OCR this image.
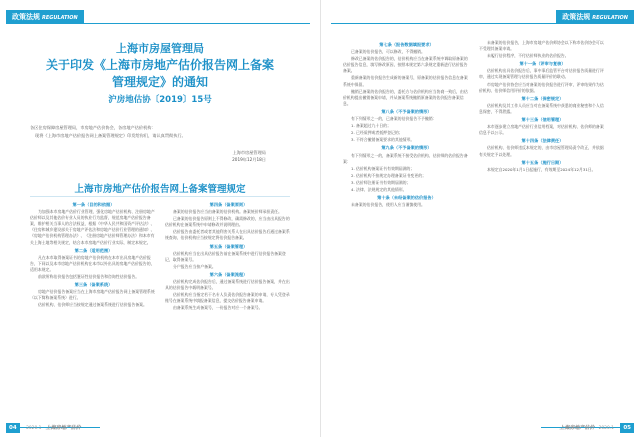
政策法规 REGULATION
上海市房屋管理局
关于印发《上海市房地产估价报告网上备案
管理规定》的通知
沪房地估协〔2019〕15号
各区住房保障房屋管理局，市房地产估价协会，各房地产估价机构：
现将《上海市房地产估价报告网上备案管理规定》印发给你们，请认真贯彻执行。
上海市房屋管理局
2019年12月18日
上海市房地产估价报告网上备案管理规定
第一条（目的和依据）

为加强本市房地产估价行业管理，强化房地产估价机构、注册房地产估价师以及其他估价专业人员的执业行为监督，规范房地产估价报告备案，维护相关当事人的合法权益，根据《中华人民共和国资产评估法》、《住房和城乡建设部关于房地产评估法和房地产估价行业管理的通知》、《房地产估价机构管理办法》、《注册房地产估价师管理办法》和本市有关上海土地等相关规定，结合本市房地产估价行业实际，制定本规定。

第二条（适用范围）

凡在本市取得备案证书的房地产估价机构在本市出具房地产估价报告，下同以及本市房地产估价机构在本市以外出具的房地产估价报告的，适用本规定。

前款所称估价报告包括鉴证性估价报告和咨询性估价报告。

第三条（备案系统）

房地产估价报告备案应当在上海市房地产估价报告网上备案管理系统（以下简称备案系统）进行。

估价机构、估价师应当按规定通过备案系统进行估价报告备案。

第四条（备案原则）

备案的估价报告应当由备案的估价机构。备案统价师承担责任。

已备案的估价报告原则上不得修改，确需修改的，应当由出具报告的估价机构在备案系统中申请修改并说明理由。

估价报告由委托者或者其他利害关系人在出具估价报告后通过备案系统查询，估价机构应当按规定将估价报告备案。

第五条（备案管理）

估价机构应当在出具估价报告前在备案系统中进行估价报告备案登记，取得备案号。

分户报告应当按户备案。

第六条（备案流程）

估价机构完成估价报告后，通过备案系统进行估价报告备案，并在出具的估价报告中载明备案号。

估价机构应当指定若干名专人负责估价报告备案的申请，专人凭登录账号在备案系统中填报备案信息，提交估价报告备案申请。

由备案系统生成备案号，一份报告对应一个备案号。

04 2020.1 上海房地产估价
政策法规 REGULATION
第七条（报告数据填报要求）

已备案的估价报告，可以修改，不得撤销。

修改已备案的估价报告的，估价机构应当在备案系统中调取原备案的估价报告信息，填写修改原因，按照本规定第六条规定重新进行估价报告备案。

重新备案的估价报告生成新的备案号，原备案的估价报告信息在备案系统中保留。

撤销已备案的估价报告的，委托方与估价机构应当协商一致后，由估价机构提出撤销备案申请，并从备案系统撤销原备案的估价报告备案信息。

第八条（不予备案的情形）

有下列情形之一的，已备案的估价报告不予撤销：

1. 备案超过九十日的；

2. 已经质押或者抵押登记的；

3. 不符合撤销备案要求的其他情形。

第九条（不予备案的情形）

有下列情形之一的，备案系统不接受估价机构、估价师的估价报告备案：

1. 估价机构备案证书有效期届满的；

2. 估价机构不按规定办理备案证书变更的；

3. 估价师注册证书有效期届满的；

4. 法律、法规规定的其他情形。

第十条（未经备案的估价报告）

未备案的估价报告，使用人应当谨慎使用。

未备案的估价报告，上海市房地产估价师协会以下称市估价协会可以不受理其备案申请。

未履行估价程序，不付估价师执业的估价报告。

第十一条（评审与复核）

估价机构出具估价报告后，事中事后监管平台对估价报告质量进行评审，通过实现备案管理与估价报告质量评价的联动。

市房地产估价协会应当对备案的估价报告进行评审，评审结果作为估价机构、估价师信用评价的依据。

第十二条（保密规定）

估价机构及其工作人员应当对在备案系统中获悉的商业秘密和个人信息保密，不得泄露。

第十三条（信用管理）

本市逐步建立房地产估价行业信用档案，对估价机构、估价师的备案信息予以公示。

第十四条（法律责任）

估价机构、估价师违反本规定的，由市房屋管理局责令改正，并依据有关规定予以处理。

第十五条（施行日期）

本规定自2020年1月1日起施行，有效期至2024年12月31日。

上海房地产估价 2020.1 05
